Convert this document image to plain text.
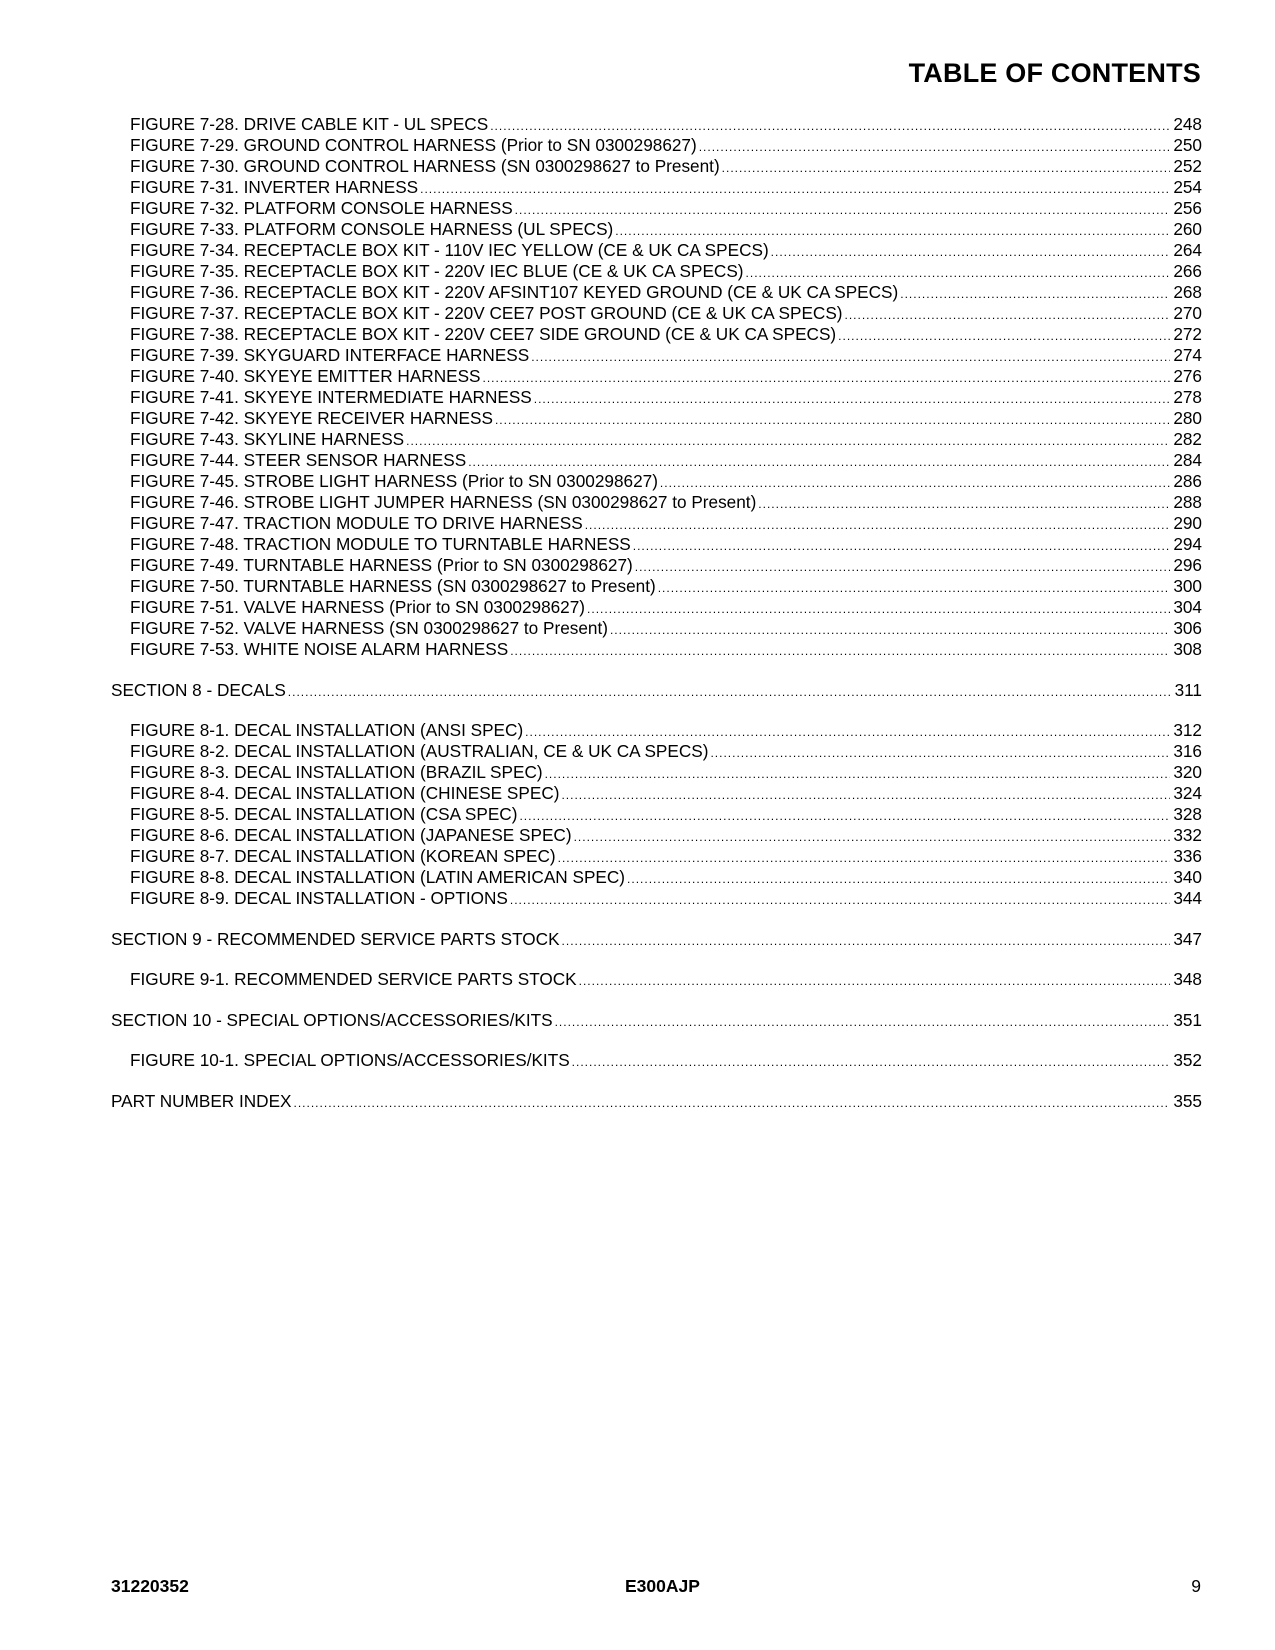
TABLE OF CONTENTS
FIGURE 7-28. DRIVE CABLE KIT - UL SPECS .....	248
FIGURE 7-29. GROUND CONTROL HARNESS (Prior to SN 0300298627) .....	250
FIGURE 7-30. GROUND CONTROL HARNESS (SN 0300298627 to Present) .....	252
FIGURE 7-31. INVERTER HARNESS .....	254
FIGURE 7-32. PLATFORM CONSOLE HARNESS .....	256
FIGURE 7-33. PLATFORM CONSOLE HARNESS (UL SPECS) .....	260
FIGURE 7-34. RECEPTACLE BOX KIT - 110V IEC YELLOW (CE & UK CA SPECS) .....	264
FIGURE 7-35. RECEPTACLE BOX KIT - 220V IEC BLUE (CE & UK CA SPECS) .....	266
FIGURE 7-36. RECEPTACLE BOX KIT - 220V AFSINT107 KEYED GROUND (CE & UK CA SPECS) .....	268
FIGURE 7-37. RECEPTACLE BOX KIT - 220V CEE7 POST GROUND (CE & UK CA SPECS) .....	270
FIGURE 7-38. RECEPTACLE BOX KIT - 220V CEE7 SIDE GROUND (CE & UK CA SPECS) .....	272
FIGURE 7-39. SKYGUARD INTERFACE HARNESS .....	274
FIGURE 7-40. SKYEYE EMITTER HARNESS .....	276
FIGURE 7-41. SKYEYE INTERMEDIATE HARNESS .....	278
FIGURE 7-42. SKYEYE RECEIVER HARNESS .....	280
FIGURE 7-43. SKYLINE HARNESS .....	282
FIGURE 7-44. STEER SENSOR HARNESS .....	284
FIGURE 7-45. STROBE LIGHT HARNESS (Prior to SN 0300298627) .....	286
FIGURE 7-46. STROBE LIGHT JUMPER HARNESS (SN 0300298627 to Present) .....	288
FIGURE 7-47. TRACTION MODULE TO DRIVE HARNESS .....	290
FIGURE 7-48. TRACTION MODULE TO TURNTABLE HARNESS .....	294
FIGURE 7-49. TURNTABLE HARNESS (Prior to SN 0300298627) .....	296
FIGURE 7-50. TURNTABLE HARNESS (SN 0300298627 to Present) .....	300
FIGURE 7-51. VALVE HARNESS (Prior to SN 0300298627) .....	304
FIGURE 7-52. VALVE HARNESS (SN 0300298627 to Present) .....	306
FIGURE 7-53. WHITE NOISE ALARM HARNESS .....	308
SECTION 8 - DECALS .....	311
FIGURE 8-1. DECAL INSTALLATION (ANSI SPEC) .....	312
FIGURE 8-2. DECAL INSTALLATION (AUSTRALIAN, CE & UK CA SPECS) .....	316
FIGURE 8-3. DECAL INSTALLATION (BRAZIL SPEC) .....	320
FIGURE 8-4. DECAL INSTALLATION (CHINESE SPEC) .....	324
FIGURE 8-5. DECAL INSTALLATION (CSA SPEC) .....	328
FIGURE 8-6. DECAL INSTALLATION (JAPANESE SPEC) .....	332
FIGURE 8-7. DECAL INSTALLATION (KOREAN SPEC) .....	336
FIGURE 8-8. DECAL INSTALLATION (LATIN AMERICAN SPEC) .....	340
FIGURE 8-9. DECAL INSTALLATION - OPTIONS .....	344
SECTION 9 - RECOMMENDED SERVICE PARTS STOCK .....	347
FIGURE 9-1. RECOMMENDED SERVICE PARTS STOCK .....	348
SECTION 10 - SPECIAL OPTIONS/ACCESSORIES/KITS .....	351
FIGURE 10-1. SPECIAL OPTIONS/ACCESSORIES/KITS .....	352
PART NUMBER INDEX .....	355
31220352	E300AJP	9
